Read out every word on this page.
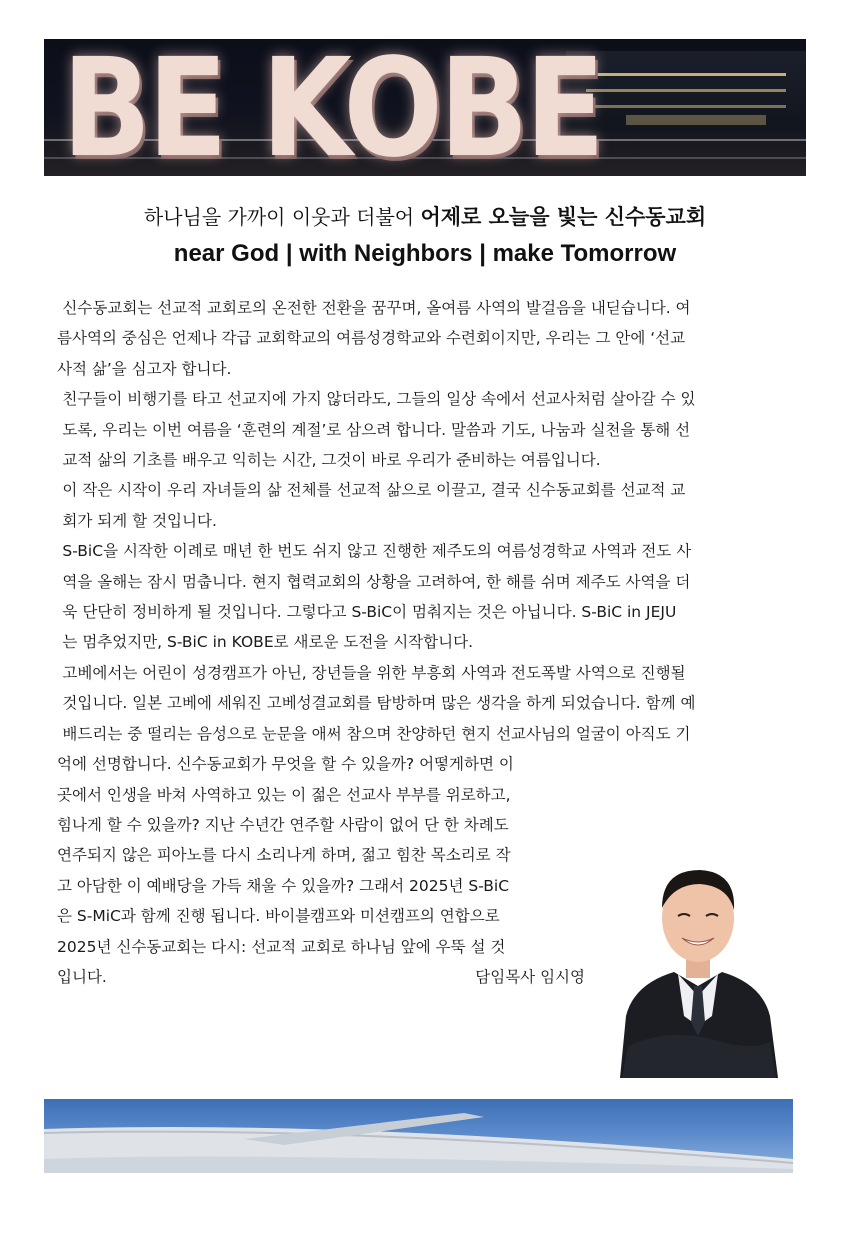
BE KOBE
하나님을 가까이 이웃과 더불어 어제로 오늘을 빛는 신수동교회
near God | with Neighbors | make Tomorrow

신수동교회는 선교적 교회로의 온전한 전환을 꿈꾸며, 올여름 사역의 발걸음을 내딛습니다. 여
름사역의 중심은 언제나 각급 교회학교의 여름성경학교와 수련회이지만, 우리는 그 안에 ‘선교
사적 삶’을 심고자 합니다.

친구들이 비행기를 타고 선교지에 가지 않더라도, 그들의 일상 속에서 선교사처럼 살아갈 수 있
도록, 우리는 이번 여름을 ‘훈련의 계절’로 삼으려 합니다. 말씀과 기도, 나눔과 실천을 통해 선
교적 삶의 기초를 배우고 익히는 시간, 그것이 바로 우리가 준비하는 여름입니다.

이 작은 시작이 우리 자녀들의 삶 전체를 선교적 삶으로 이끌고, 결국 신수동교회를 선교적 교
회가 되게 할 것입니다.

S-BiC을 시작한 이례로 매년 한 번도 쉬지 않고 진행한 제주도의 여름성경학교 사역과 전도 사
역을 올해는 잠시 멈춥니다. 현지 협력교회의 상황을 고려하여, 한 해를 쉬며 제주도 사역을 더
욱 단단히 정비하게 될 것입니다. 그렇다고 S-BiC이 멈춰지는 것은 아닙니다. S-BiC in JEJU
는 멈추었지만, S-BiC in KOBE로 새로운 도전을 시작합니다.

고베에서는 어린이 성경캠프가 아닌, 장년들을 위한 부흥회 사역과 전도폭발 사역으로 진행될
것입니다. 일본 고베에 세워진 고베성결교회를 탐방하며 많은 생각을 하게 되었습니다. 함께 예
배드리는 중 떨리는 음성으로 눈문을 애써 참으며 찬양하던 현지 선교사님의 얼굴이 아직도 기

억에 선명합니다. 신수동교회가 무엇을 할 수 있을까? 어떻게하면 이
곳에서 인생을 바쳐 사역하고 있는 이 젊은 선교사 부부를 위로하고,
힘나게 할 수 있을까? 지난 수년간 연주할 사람이 없어 단 한 차례도
연주되지 않은 피아노를 다시 소리나게 하며, 젊고 힘찬 목소리로 작
고 아담한 이 예배당을 가득 채울 수 있을까? 그래서 2025년 S-BiC
은 S-MiC과 함께 진행 됩니다. 바이블캠프와 미션캠프의 연합으로
2025년 신수동교회는 다시: 선교적 교회로 하나님 앞에 우뚝 설 것
입니다.	담임목사 임시영
